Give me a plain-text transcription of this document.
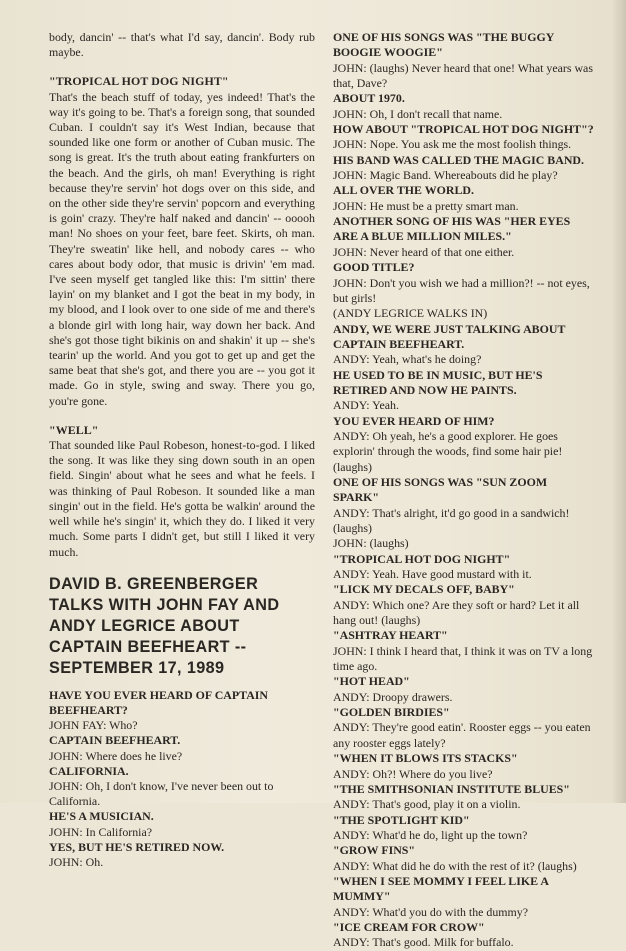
body, dancin' -- that's what I'd say, dancin'. Body rub maybe.

"TROPICAL HOT DOG NIGHT"

That's the beach stuff of today, yes indeed! That's the way it's going to be. That's a foreign song, that sounded Cuban. I couldn't say it's West Indian, because that sounded like one form or another of Cuban music. The song is great. It's the truth about eating frankfurters on the beach. And the girls, oh man! Everything is right because they're servin' hot dogs over on this side, and on the other side they're servin' popcorn and everything is goin' crazy. They're half naked and dancin' -- ooooh man! No shoes on your feet, bare feet. Skirts, oh man. They're sweatin' like hell, and nobody cares -- who cares about body odor, that music is drivin' 'em mad. I've seen myself get tangled like this: I'm sittin' there layin' on my blanket and I got the beat in my body, in my blood, and I look over to one side of me and there's a blonde girl with long hair, way down her back. And she's got those tight bikinis on and shakin' it up -- she's tearin' up the world. And you got to get up and get the same beat that she's got, and there you are -- you got it made. Go in style, swing and sway. There you go, you're gone.

"WELL"

That sounded like Paul Robeson, honest-to-god. I liked the song. It was like they sing down south in an open field. Singin' about what he sees and what he feels. I was thinking of Paul Robeson. It sounded like a man singin' out in the field. He's gotta be walkin' around the well while he's singin' it, which they do. I liked it very much. Some parts I didn't get, but still I liked it very much.

DAVID B. GREENBERGER TALKS WITH JOHN FAY AND ANDY LEGRICE ABOUT CAPTAIN BEEFHEART -- SEPTEMBER 17, 1989

HAVE YOU EVER HEARD OF CAPTAIN BEEFHEART?
JOHN FAY: Who?

CAPTAIN BEEFHEART.
JOHN: Where does he live?

CALIFORNIA.
JOHN: Oh, I don't know, I've never been out to California.

HE'S A MUSICIAN.
JOHN: In California?

YES, BUT HE'S RETIRED NOW.
JOHN: Oh.

ONE OF HIS SONGS WAS "THE BUGGY BOOGIE WOOGIE"
JOHN: (laughs) Never heard that one! What years was that, Dave?
ABOUT 1970.
JOHN: Oh, I don't recall that name.
HOW ABOUT "TROPICAL HOT DOG NIGHT"?
JOHN: Nope. You ask me the most foolish things.
HIS BAND WAS CALLED THE MAGIC BAND.
JOHN: Magic Band. Whereabouts did he play?
ALL OVER THE WORLD.
JOHN: He must be a pretty smart man.
ANOTHER SONG OF HIS WAS "HER EYES ARE A BLUE MILLION MILES."
JOHN: Never heard of that one either.
GOOD TITLE?
JOHN: Don't you wish we had a million?! -- not eyes, but girls!
(ANDY LEGRICE WALKS IN)
ANDY, WE WERE JUST TALKING ABOUT CAPTAIN BEEFHEART.
ANDY: Yeah, what's he doing?
HE USED TO BE IN MUSIC, BUT HE'S RETIRED AND NOW HE PAINTS.
ANDY: Yeah.
YOU EVER HEARD OF HIM?
ANDY: Oh yeah, he's a good explorer. He goes explorin' through the woods, find some hair pie! (laughs)
ONE OF HIS SONGS WAS "SUN ZOOM SPARK"
ANDY: That's alright, it'd go good in a sandwich! (laughs)
JOHN: (laughs)
"TROPICAL HOT DOG NIGHT"
ANDY: Yeah. Have good mustard with it.
"LICK MY DECALS OFF, BABY"
ANDY: Which one? Are they soft or hard? Let it all hang out! (laughs)
"ASHTRAY HEART"
JOHN: I think I heard that, I think it was on TV a long time ago.
"HOT HEAD"
ANDY: Droopy drawers.
"GOLDEN BIRDIES"
ANDY: They're good eatin'. Rooster eggs -- you eaten any rooster eggs lately?
"WHEN IT BLOWS ITS STACKS"
ANDY: Oh?! Where do you live?
"THE SMITHSONIAN INSTITUTE BLUES"
ANDY: That's good, play it on a violin.
"THE SPOTLIGHT KID"
ANDY: What'd he do, light up the town?
"GROW FINS"
ANDY: What did he do with the rest of it? (laughs)
"WHEN I SEE MOMMY I FEEL LIKE A MUMMY"
ANDY: What'd you do with the dummy?
"ICE CREAM FOR CROW"
ANDY: That's good. Milk for buffalo.
